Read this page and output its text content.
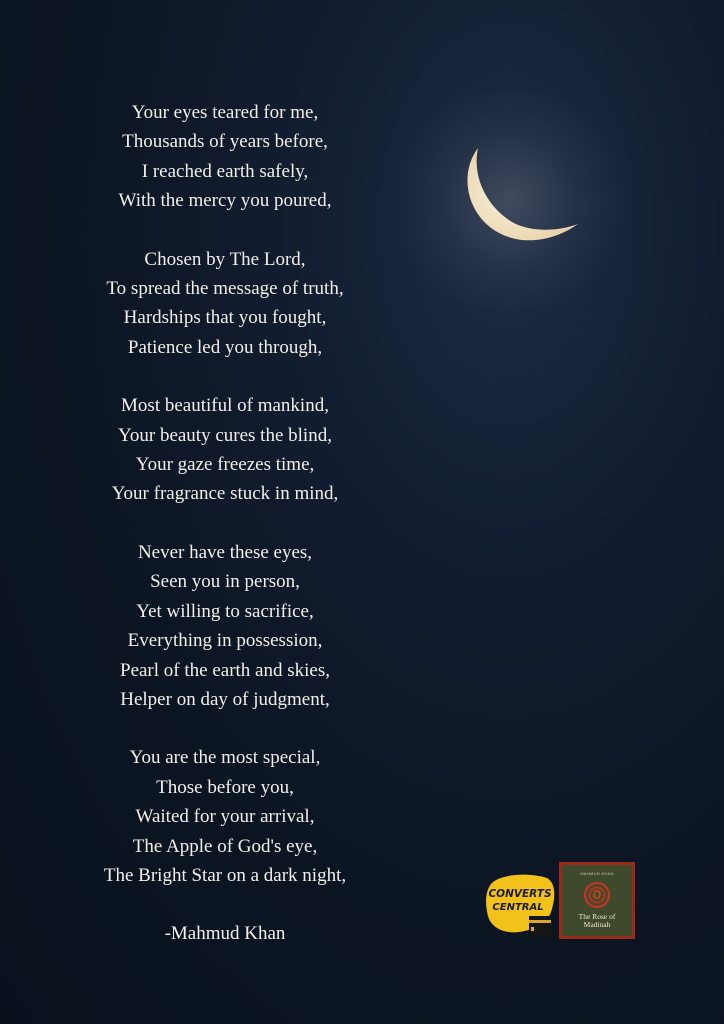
Your eyes teared for me,
Thousands of years before,
I reached earth safely,
With the mercy you poured,
Chosen by The Lord,
To spread the message of truth,
Hardships that you fought,
Patience led you through,
Most beautiful of mankind,
Your beauty cures the blind,
Your gaze freezes time,
Your fragrance stuck in mind,
Never have these eyes,
Seen you in person,
Yet willing to sacrifice,
Everything in possession,
Pearl of the earth and skies,
Helper on day of judgment,
You are the most special,
Those before you,
Waited for your arrival,
The Apple of God's eye,
The Bright Star on a dark night,
-Mahmud Khan
CONVERTS
CENTRAL
MAHMUD KHAN
The Rose of
Madinah
